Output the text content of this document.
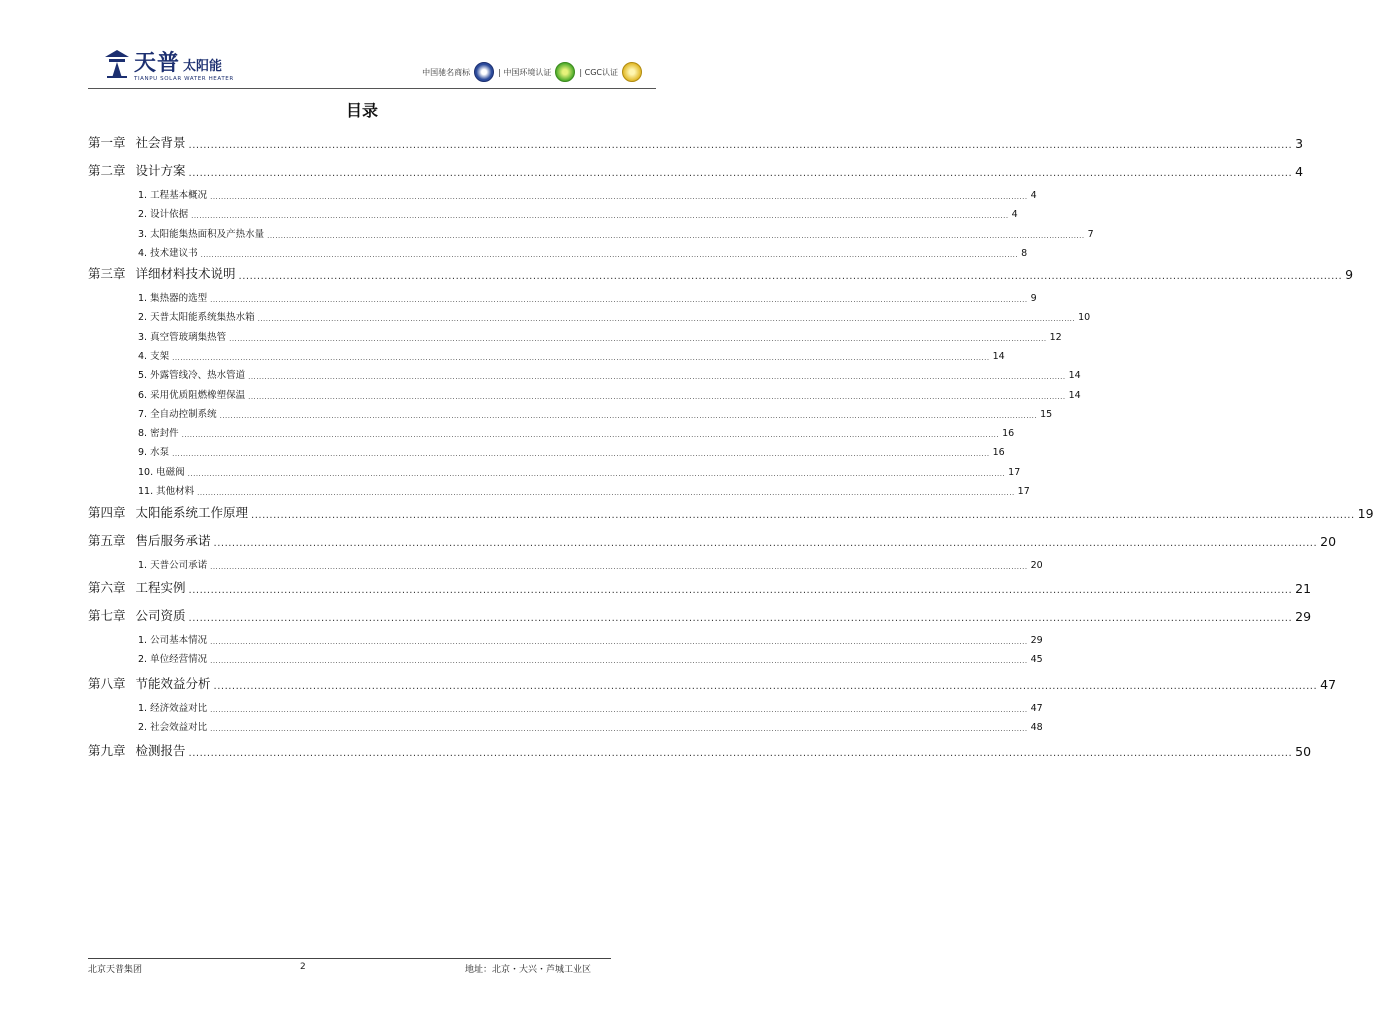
天普 太阳能
TIANPU SOLAR WATER HEATER
中国驰名商标	| 中国环境认证	| CGC认证
目录
第一章 社会背景 ............................................................................................................................................................................................................................................................................................................ 3
第二章 设计方案 ............................................................................................................................................................................................................................................................................................................ 4
1. 工程基本概况 ............................................................................................................................................................................................................................................................................................................ 4
2. 设计依据 ............................................................................................................................................................................................................................................................................................................ 4
3. 太阳能集热面积及产热水量 ............................................................................................................................................................................................................................................................................................................ 7
4. 技术建议书 ............................................................................................................................................................................................................................................................................................................ 8
第三章 详细材料技术说明 ............................................................................................................................................................................................................................................................................................................ 9
1. 集热器的选型 ............................................................................................................................................................................................................................................................................................................ 9
2. 天普太阳能系统集热水箱 ............................................................................................................................................................................................................................................................................................................ 10
3. 真空管玻璃集热管 ............................................................................................................................................................................................................................................................................................................ 12
4. 支架 ............................................................................................................................................................................................................................................................................................................ 14
5. 外露管线冷、热水管道 ............................................................................................................................................................................................................................................................................................................ 14
6. 采用优质阻燃橡塑保温 ............................................................................................................................................................................................................................................................................................................ 14
7. 全自动控制系统 ............................................................................................................................................................................................................................................................................................................ 15
8. 密封件 ............................................................................................................................................................................................................................................................................................................ 16
9. 水泵 ............................................................................................................................................................................................................................................................................................................ 16
10. 电磁阀 ............................................................................................................................................................................................................................................................................................................ 17
11. 其他材料 ............................................................................................................................................................................................................................................................................................................ 17
第四章 太阳能系统工作原理 ............................................................................................................................................................................................................................................................................................................ 19
第五章 售后服务承诺 ............................................................................................................................................................................................................................................................................................................ 20
1. 天普公司承诺 ............................................................................................................................................................................................................................................................................................................ 20
第六章 工程实例 ............................................................................................................................................................................................................................................................................................................ 21
第七章 公司资质 ............................................................................................................................................................................................................................................................................................................ 29
1. 公司基本情况 ............................................................................................................................................................................................................................................................................................................ 29
2. 单位经营情况 ............................................................................................................................................................................................................................................................................................................ 45
第八章 节能效益分析 ............................................................................................................................................................................................................................................................................................................ 47
1. 经济效益对比 ............................................................................................................................................................................................................................................................................................................ 47
2. 社会效益对比 ............................................................................................................................................................................................................................................................................................................ 48
第九章 检测报告 ............................................................................................................................................................................................................................................................................................................ 50
北京天普集团	2	地址：北京・大兴・芦城工业区
